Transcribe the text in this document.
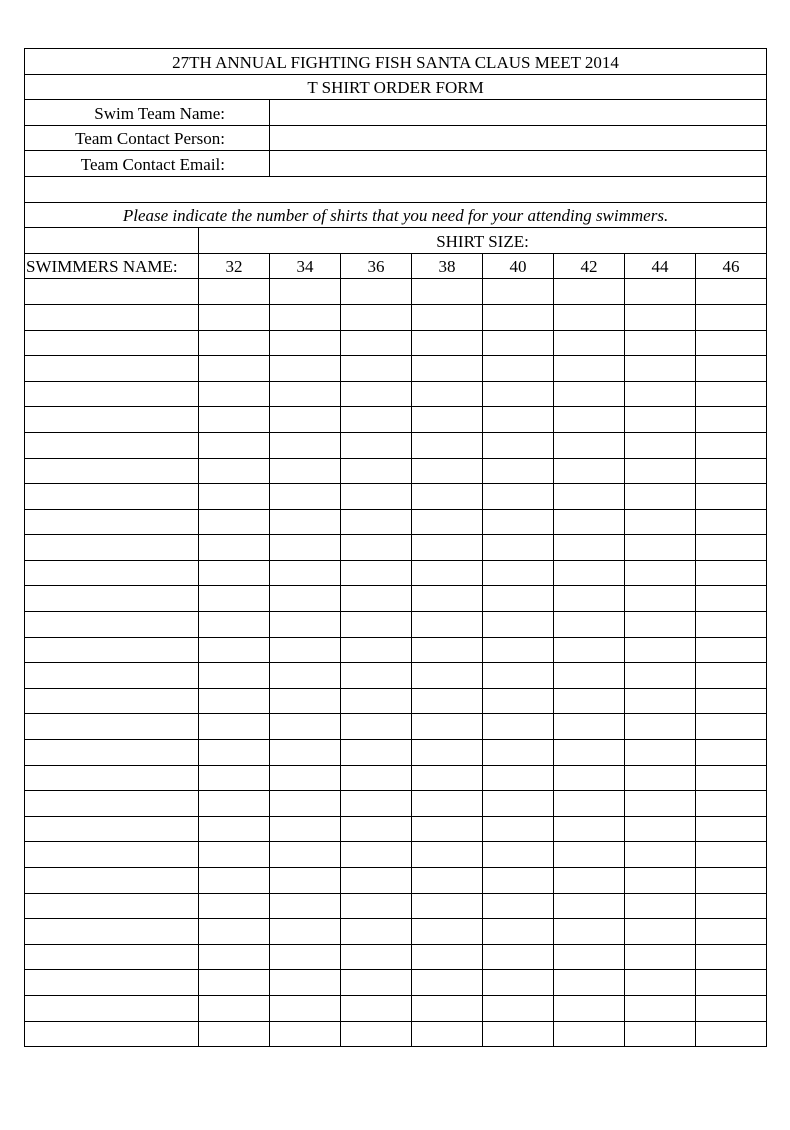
27TH ANNUAL FIGHTING FISH SANTA CLAUS MEET 2014								
T SHIRT ORDER FORM								
Swim Team Name:								
Team Contact Person:								
Team Contact Email:								

Please indicate the number of shirts that you need for your attending swimmers.								
	SHIRT SIZE:							
SWIMMERS NAME:	32	34	36	38	40	42	44	46
